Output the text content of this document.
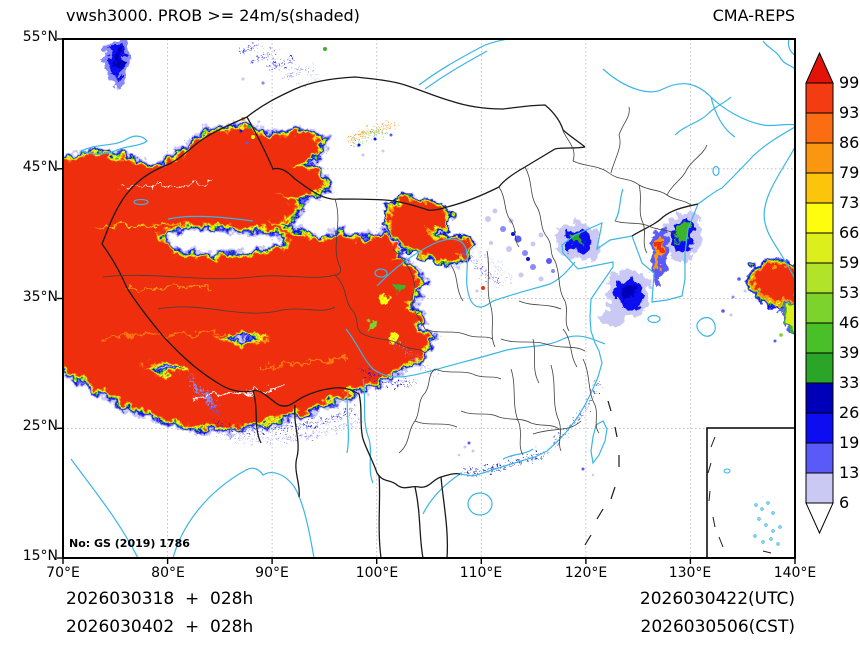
vwsh3000. PROB >= 24m/s(shaded)	CMA-REPS
55°N
45°N
35°N
25°N
15°N
70°E	80°E	90°E	100°E	110°E	120°E	130°E	140°E
No: GS (2019) 1786
99
93
86
79
73
66
59
53
46
39
33
26
19
13
6
2026030318  +  028h
2026030402  +  028h
2026030422(UTC)
2026030506(CST)
